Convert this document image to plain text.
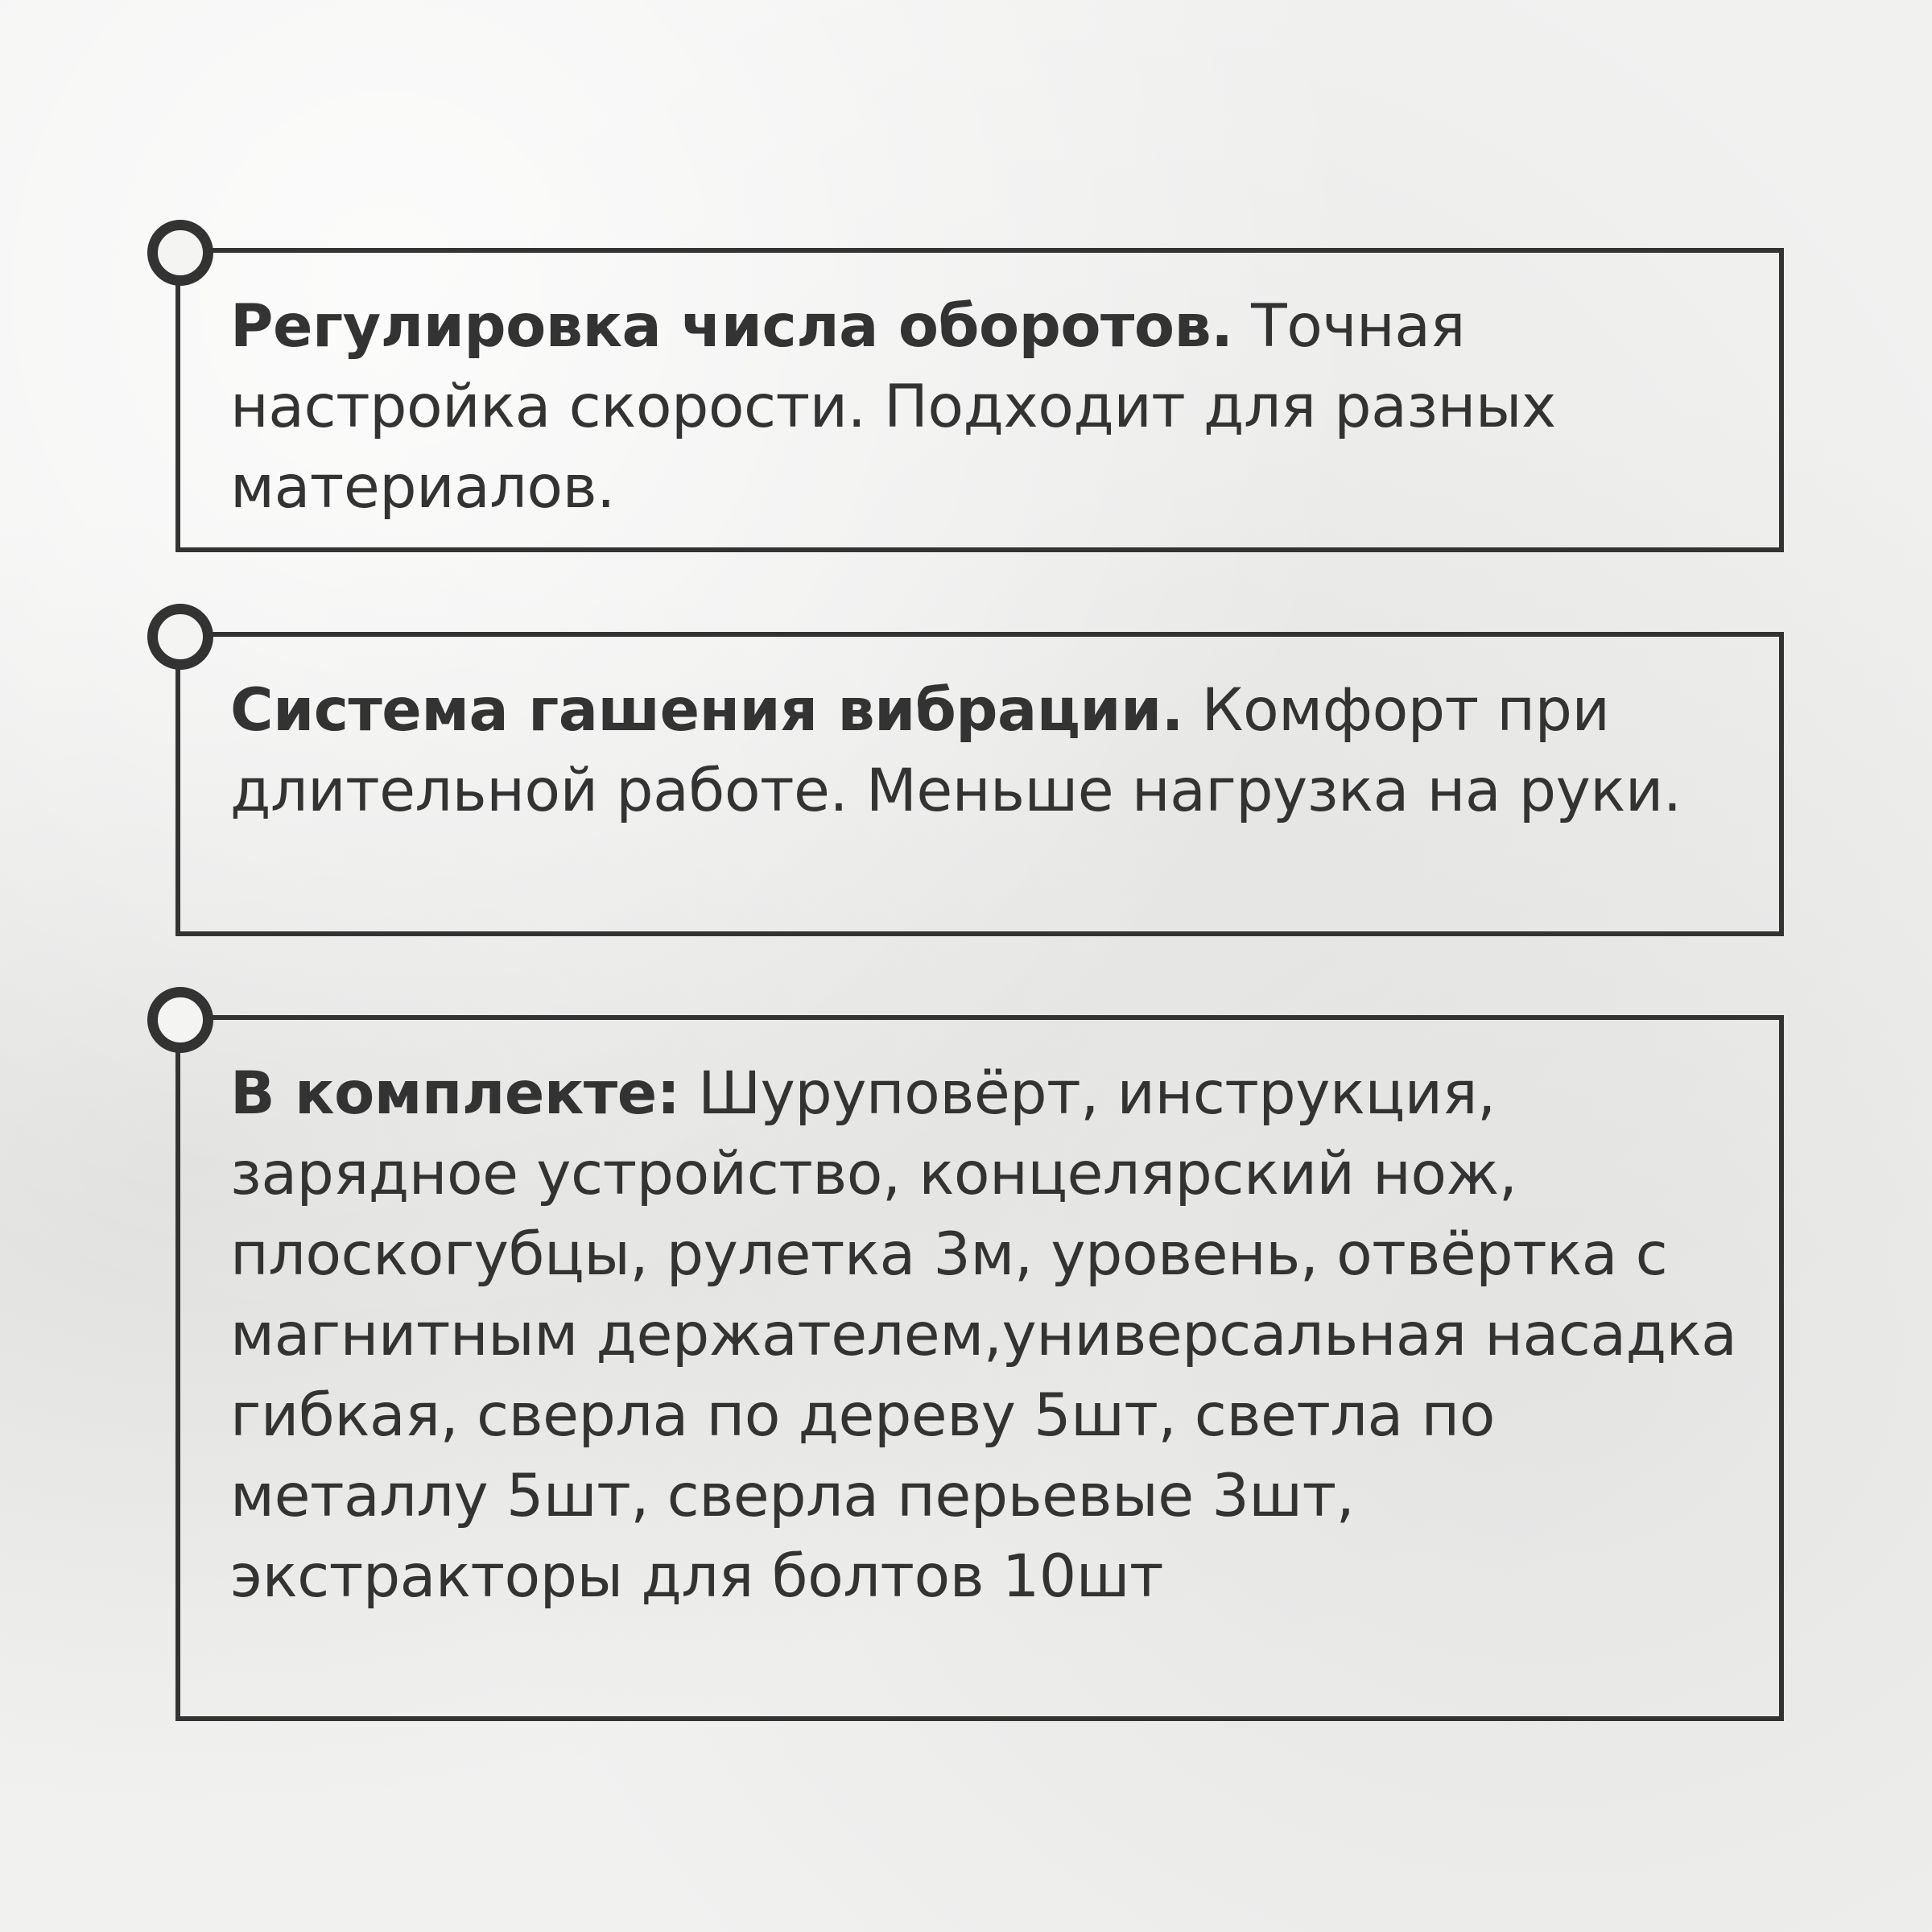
Регулировка числа оборотов. Точная настройка скорости. Подходит для разных материалов.

Система гашения вибрации. Комфорт при длительной работе. Меньше нагрузка на руки.

В комплекте: Шуруповёрт, инструкция, зарядное устройство, концелярский нож, плоскогубцы, рулетка 3м, уровень, отвёртка с магнитным держателем,универсальная насадка гибкая, сверла по дереву 5шт, светла по металлу 5шт, сверла перьевые 3шт, экстракторы для болтов 10шт
